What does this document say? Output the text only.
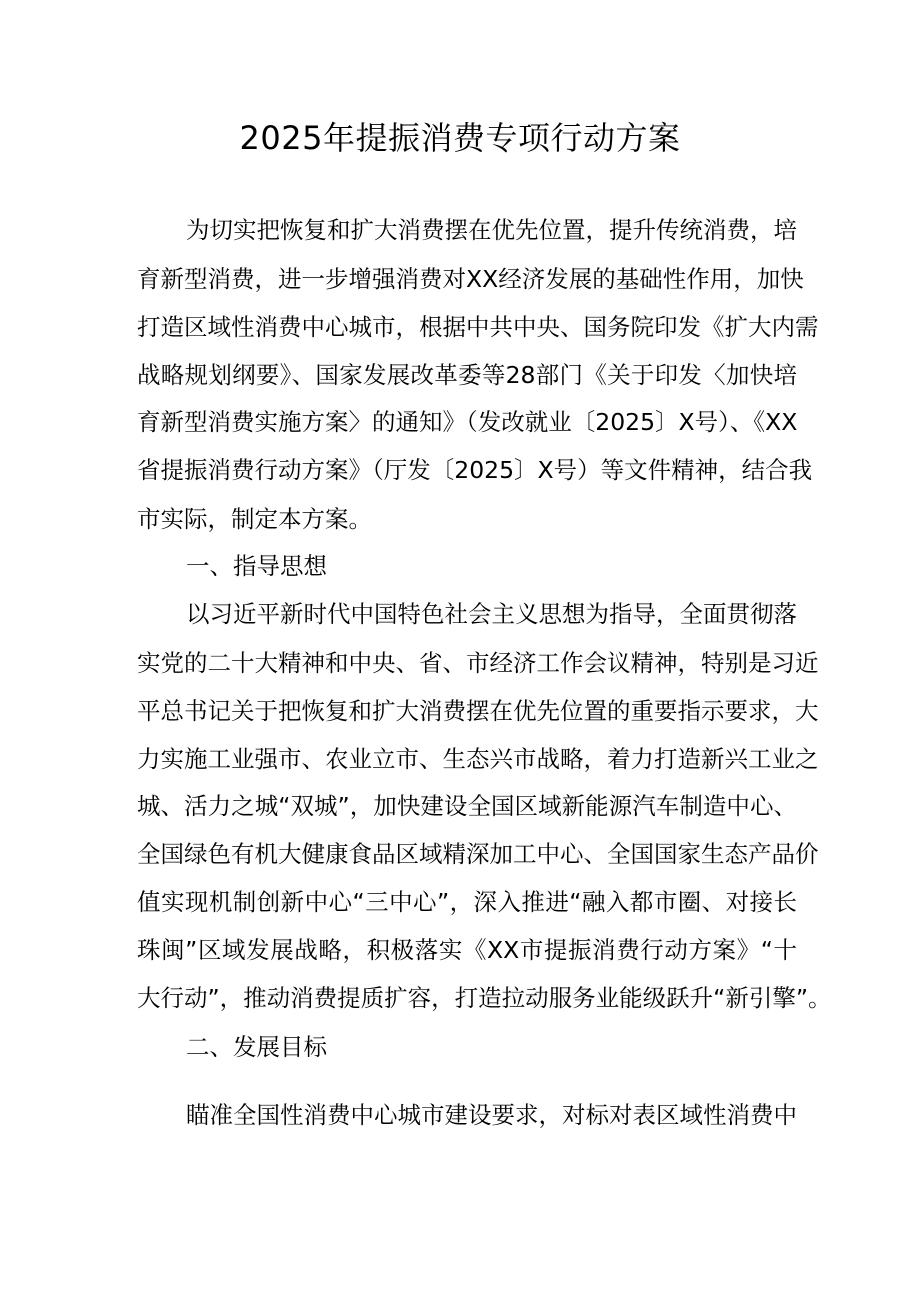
2025年提振消费专项行动方案

为切实把恢复和扩大消费摆在优先位置，提升传统消费，培

育新型消费，进一步增强消费对XX经济发展的基础性作用，加快

打造区域性消费中心城市，根据中共中央、国务院印发《扩大内需

战略规划纲要》、国家发展改革委等28部门《关于印发〈加快培

育新型消费实施方案〉的通知》（发改就业〔2025〕X号）、《XX

省提振消费行动方案》（厅发〔2025〕X号）等文件精神，结合我

市实际，制定本方案。

一、指导思想

以习近平新时代中国特色社会主义思想为指导，全面贯彻落

实党的二十大精神和中央、省、市经济工作会议精神，特别是习近

平总书记关于把恢复和扩大消费摆在优先位置的重要指示要求，大

力实施工业强市、农业立市、生态兴市战略，着力打造新兴工业之

城、活力之城“双城”，加快建设全国区域新能源汽车制造中心、

全国绿色有机大健康食品区域精深加工中心、全国国家生态产品价

值实现机制创新中心“三中心”，深入推进“融入都市圈、对接长

珠闽”区域发展战略，积极落实《XX市提振消费行动方案》“十

大行动”，推动消费提质扩容，打造拉动服务业能级跃升“新引擎”。

二、发展目标

瞄准全国性消费中心城市建设要求，对标对表区域性消费中
